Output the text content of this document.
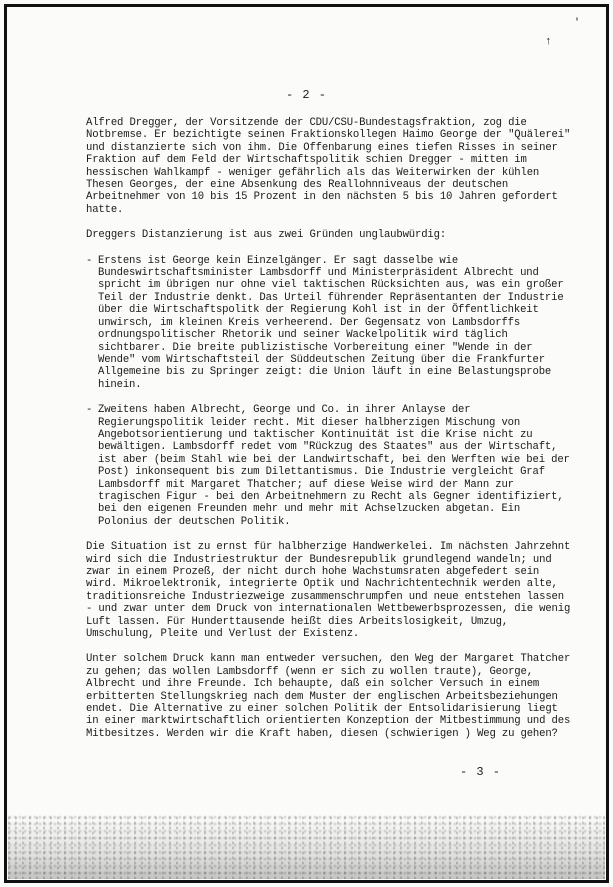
'
↑
- 2 -

Alfred Dregger, der Vorsitzende der CDU/CSU-Bundestagsfraktion, zog die Notbremse. Er bezichtigte seinen Fraktionskollegen Haimo George der "Quälerei" und distanzierte sich von ihm. Die Offenbarung eines tiefen Risses in seiner Fraktion auf dem Feld der Wirtschaftspolitik schien Dregger - mitten im hessischen Wahlkampf - weniger gefährlich als das Weiterwirken der kühlen Thesen Georges, der eine Absenkung des Reallohnniveaus der deutschen Arbeitnehmer von 10 bis 15 Prozent in den nächsten 5 bis 10 Jahren gefordert hatte.

Dreggers Distanzierung ist aus zwei Gründen unglaubwürdig:

- Erstens ist George kein Einzelgänger. Er sagt dasselbe wie Bundeswirtschaftsminister Lambsdorff und Ministerpräsident Albrecht und spricht im übrigen nur ohne viel taktischen Rücksichten aus, was ein großer Teil der Industrie denkt. Das Urteil führender Repräsentanten der Industrie über die Wirtschaftspolitk der Regierung Kohl ist in der Öffentlichkeit unwirsch, im kleinen Kreis verheerend. Der Gegensatz von Lambsdorffs ordnungspolitischer Rhetorik und seiner Wackelpolitik wird täglich sichtbarer. Die breite publizistische Vorbereitung einer "Wende in der Wende" vom Wirtschaftsteil der Süddeutschen Zeitung über die Frankfurter Allgemeine bis zu Springer zeigt: die Union läuft in eine Belastungsprobe hinein.
- Zweitens haben Albrecht, George und Co. in ihrer Anlayse der Regierungspolitik leider recht. Mit dieser halbherzigen Mischung von Angebotsorientierung und taktischer Kontinuität ist die Krise nicht zu bewältigen. Lambsdorff redet vom "Rückzug des Staates" aus der Wirtschaft, ist aber (beim Stahl wie bei der Landwirtschaft, bei den Werften wie bei der Post) inkonsequent bis zum Dilettantismus. Die Industrie vergleicht Graf Lambsdorff mit Margaret Thatcher; auf diese Weise wird der Mann zur tragischen Figur - bei den Arbeitnehmern zu Recht als Gegner identifiziert, bei den eigenen Freunden mehr und mehr mit Achselzucken abgetan. Ein Polonius der deutschen Politik.

Die Situation ist zu ernst für halbherzige Handwerkelei. Im nächsten Jahrzehnt wird sich die Industriestruktur der Bundesrepublik grundlegend wandeln; und zwar in einem Prozeß, der nicht durch hohe Wachstumsraten abgefedert sein wird. Mikroelektronik, integrierte Optik und Nachrichtentechnik werden alte, traditionsreiche Industriezweige zusammenschrumpfen und neue entstehen lassen - und zwar unter dem Druck von internationalen Wettbewerbsprozessen, die wenig Luft lassen. Für Hunderttausende heißt dies Arbeitslosigkeit, Umzug, Umschulung, Pleite und Verlust der Existenz.

Unter solchem Druck kann man entweder versuchen, den Weg der Margaret Thatcher zu gehen; das wollen Lambsdorff (wenn er sich zu wollen traute), George, Albrecht und ihre Freunde. Ich behaupte, daß ein solcher Versuch in einem erbitterten Stellungskrieg nach dem Muster der englischen Arbeitsbeziehungen endet. Die Alternative zu einer solchen Politik der Entsolidarisierung liegt in einer marktwirtschaftlich orientierten Konzeption der Mitbestimmung und des Mitbesitzes. Werden wir die Kraft haben, diesen (schwierigen ) Weg zu gehen?

- 3 -
